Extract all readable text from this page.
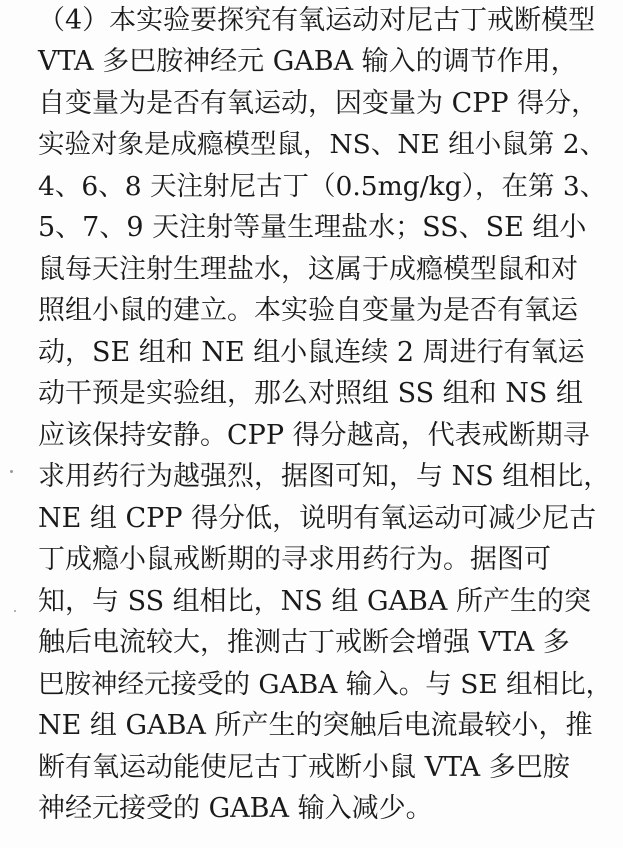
（4）本实验要探究有氧运动对尼古丁戒断模型
VTA 多巴胺神经元 GABA 输入的调节作用，
自变量为是否有氧运动，因变量为 CPP 得分，
实验对象是成瘾模型鼠，NS、NE 组小鼠第 2、
4、6、8 天注射尼古丁（0.5mg/kg），在第 3、
5、7、9 天注射等量生理盐水；SS、SE 组小
鼠每天注射生理盐水，这属于成瘾模型鼠和对
照组小鼠的建立。本实验自变量为是否有氧运
动，SE 组和 NE 组小鼠连续 2 周进行有氧运
动干预是实验组，那么对照组 SS 组和 NS 组
应该保持安静。CPP 得分越高，代表戒断期寻
求用药行为越强烈，据图可知，与 NS 组相比，
NE 组 CPP 得分低，说明有氧运动可减少尼古
丁成瘾小鼠戒断期的寻求用药行为。据图可
知，与 SS 组相比，NS 组 GABA 所产生的突
触后电流较大，推测古丁戒断会增强 VTA 多
巴胺神经元接受的 GABA 输入。与 SE 组相比，
NE 组 GABA 所产生的突触后电流最较小，推
断有氧运动能使尼古丁戒断小鼠 VTA 多巴胺
神经元接受的 GABA 输入减少。
